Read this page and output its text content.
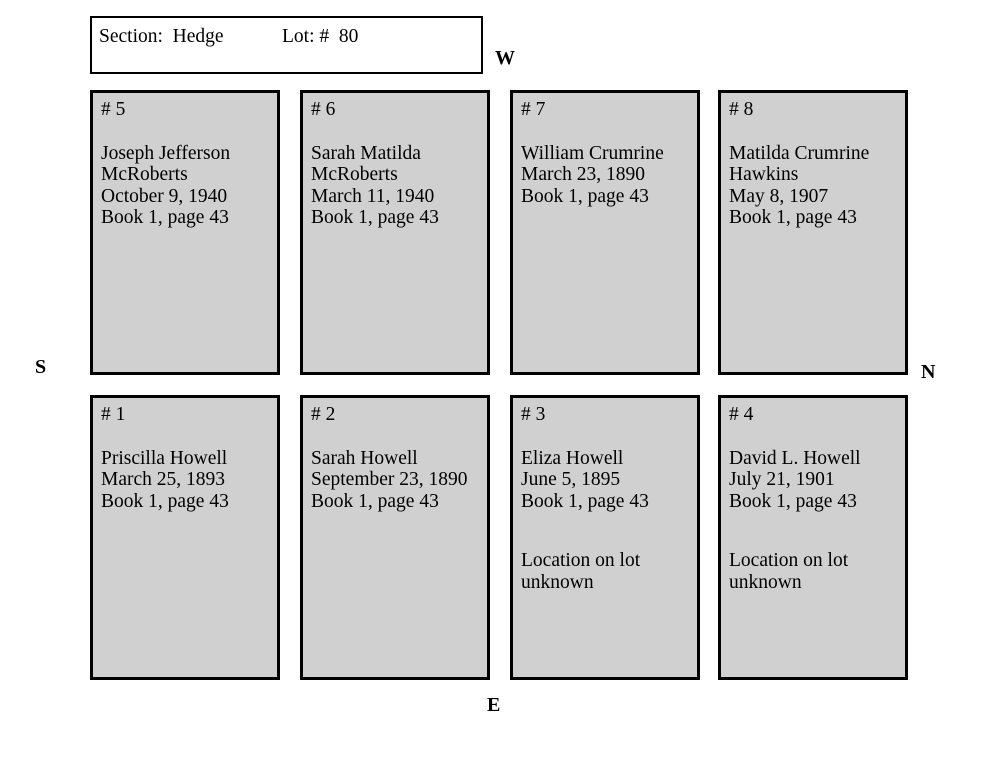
Section:  Hedge	Lot: #  80
W
S	N
E
# 5
Joseph Jefferson McRoberts
October 9, 1940
Book 1, page 43
# 6
Sarah Matilda McRoberts
March 11, 1940
Book 1, page 43
# 7
William Crumrine
March 23, 1890
Book 1, page 43
# 8
Matilda Crumrine Hawkins
May 8, 1907
Book 1, page 43
# 1
Priscilla Howell
March 25, 1893
Book 1, page 43
# 2
Sarah Howell
September 23, 1890
Book 1, page 43
# 3
Eliza Howell
June 5, 1895
Book 1, page 43
Location on lot unknown
# 4
David L. Howell
July 21, 1901
Book 1, page 43
Location on lot unknown
